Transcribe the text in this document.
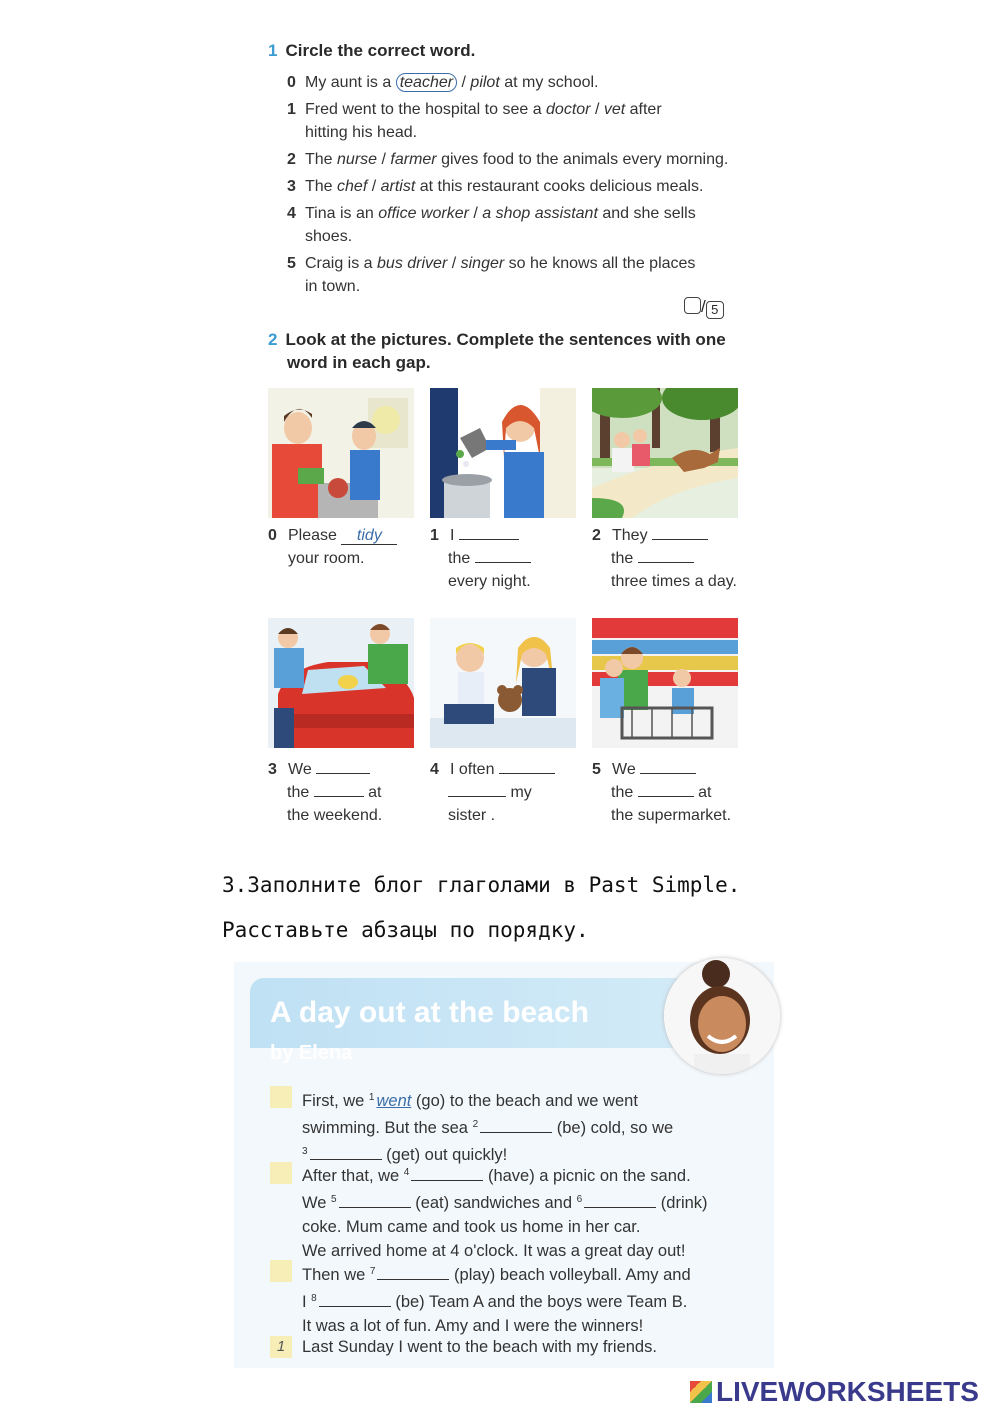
1 Circle the correct word.
0 My aunt is a teacher / pilot at my school.
1 Fred went to the hospital to see a doctor / vet after
hitting his head.
2 The nurse / farmer gives food to the animals every morning.
3 The chef / artist at this restaurant cooks delicious meals.
4 Tina is an office worker / a shop assistant and she sells
shoes.
5 Craig is a bus driver / singer so he knows all the places
in town.
/ 5
2 Look at the pictures. Complete the sentences with one
word in each gap.
0 Please tidy
your room.
1 I
the
every night.
2 They
the
three times a day.
3 We
the	at
the weekend.
4 I often
my
sister .
5 We
the	at
the supermarket.
3.Заполните блог глаголами в Past Simple.
Расставьте абзацы по порядку.
A day out at the beach
by Elena
First, we $^1$ went (go) to the beach and we went
swimming. But the sea $^2$	(be) cold, so we
$^3$	(get) out quickly!
After that, we $^4$	(have) a picnic on the sand.
We $^5$	(eat) sandwiches and $^6$	(drink)
coke. Mum came and took us home in her car.
We arrived home at 4 o'clock. It was a great day out!
Then we $^7$	(play) beach volleyball. Amy and
I $^8$	(be) Team A and the boys were Team B.
It was a lot of fun. Amy and I were the winners!
1	Last Sunday I went to the beach with my friends.
LIVEWORKSHEETS
